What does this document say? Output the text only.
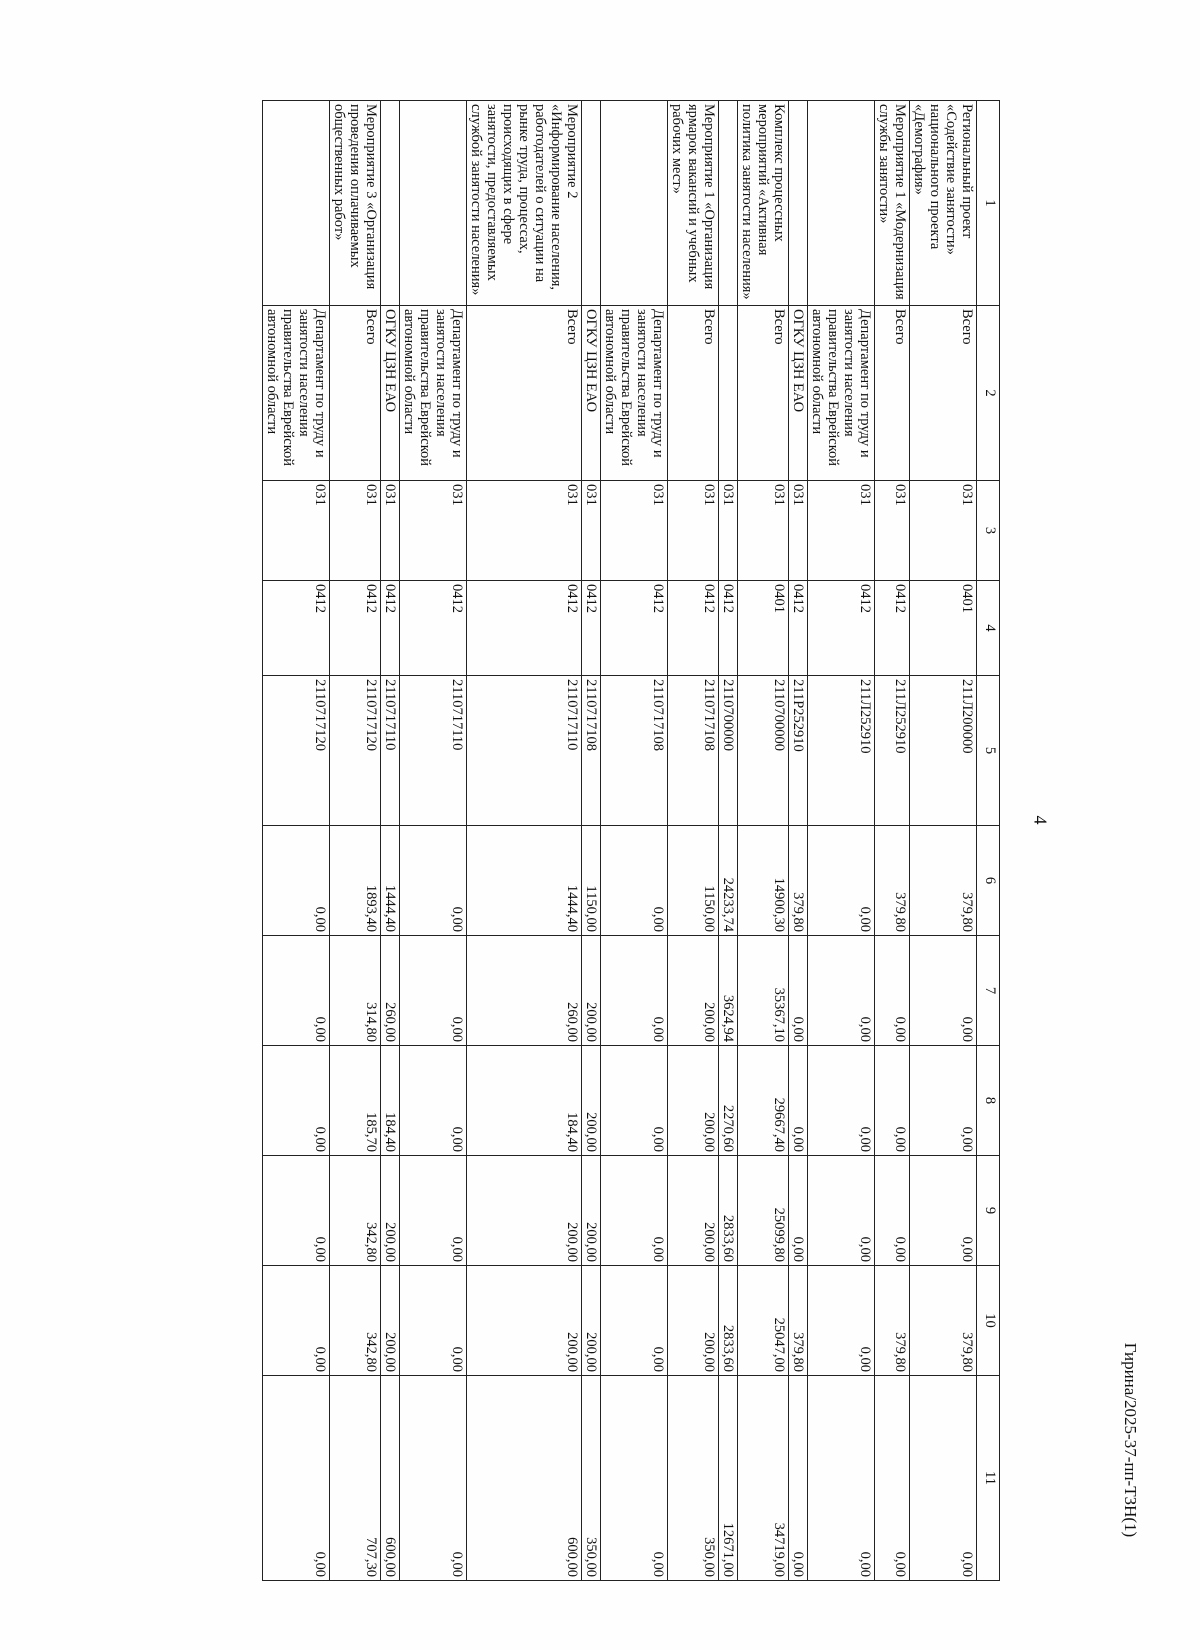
4
1	2	3	4	5	6	7	8	9	10	11
Региональный проект «Содействие занятости» национального проекта «Демография»	Всего	031	0401	211Л200000	379,80	0,00	0,00	0,00	379,80	0,00
Мероприятие 1 «Модернизация службы занятости»	Всего	031	0412	211Л252910	379,80	0,00	0,00	0,00	379,80	0,00
	Департамент по труду и занятости населения правительства Еврейской автономной области	031	0412	211Л252910	0,00	0,00	0,00	0,00	0,00	0,00
	ОГКУ ЦЗН ЕАО	031	0412	211Р252910	379,80	0,00	0,00	0,00	379,80	0,00
Комплекс процессных мероприятий «Активная политика занятости населения»	Всего	031	0401	2110700000	14900,30	35367,10	29667,40	25099,80	25047,00	34719,00
		031	0412	2110700000	24233,74	3624,94	2270,60	2833,60	2833,60	12671,00
Мероприятие 1 «Организация ярмарок вакансий и учебных рабочих мест»	Всего	031	0412	2110717108	1150,00	200,00	200,00	200,00	200,00	350,00
	Департамент по труду и занятости населения правительства Еврейской автономной области	031	0412	2110717108	0,00	0,00	0,00	0,00	0,00	0,00
	ОГКУ ЦЗН ЕАО	031	0412	2110717108	1150,00	200,00	200,00	200,00	200,00	350,00
Мероприятие 2 «Информирование населения, работодателей о ситуации на рынке труда, процессах, происходящих в сфере занятости, предоставляемых службой занятости населения»	Всего	031	0412	2110717110	1444,40	260,00	184,40	200,00	200,00	600,00
	Департамент по труду и занятости населения правительства Еврейской автономной области	031	0412	2110717110	0,00	0,00	0,00	0,00	0,00	0,00
	ОГКУ ЦЗН ЕАО	031	0412	2110717110	1444,40	260,00	184,40	200,00	200,00	600,00
Мероприятие 3 «Организация проведения оплачиваемых общественных работ»	Всего	031	0412	2110717120	1893,40	314,80	185,70	342,80	342,80	707,30
	Департамент по труду и занятости населения правительства Еврейской автономной области	031	0412	2110717120	0,00	0,00	0,00	0,00	0,00	0,00
Гирина/2025-37-пп-ТЗН(1)
